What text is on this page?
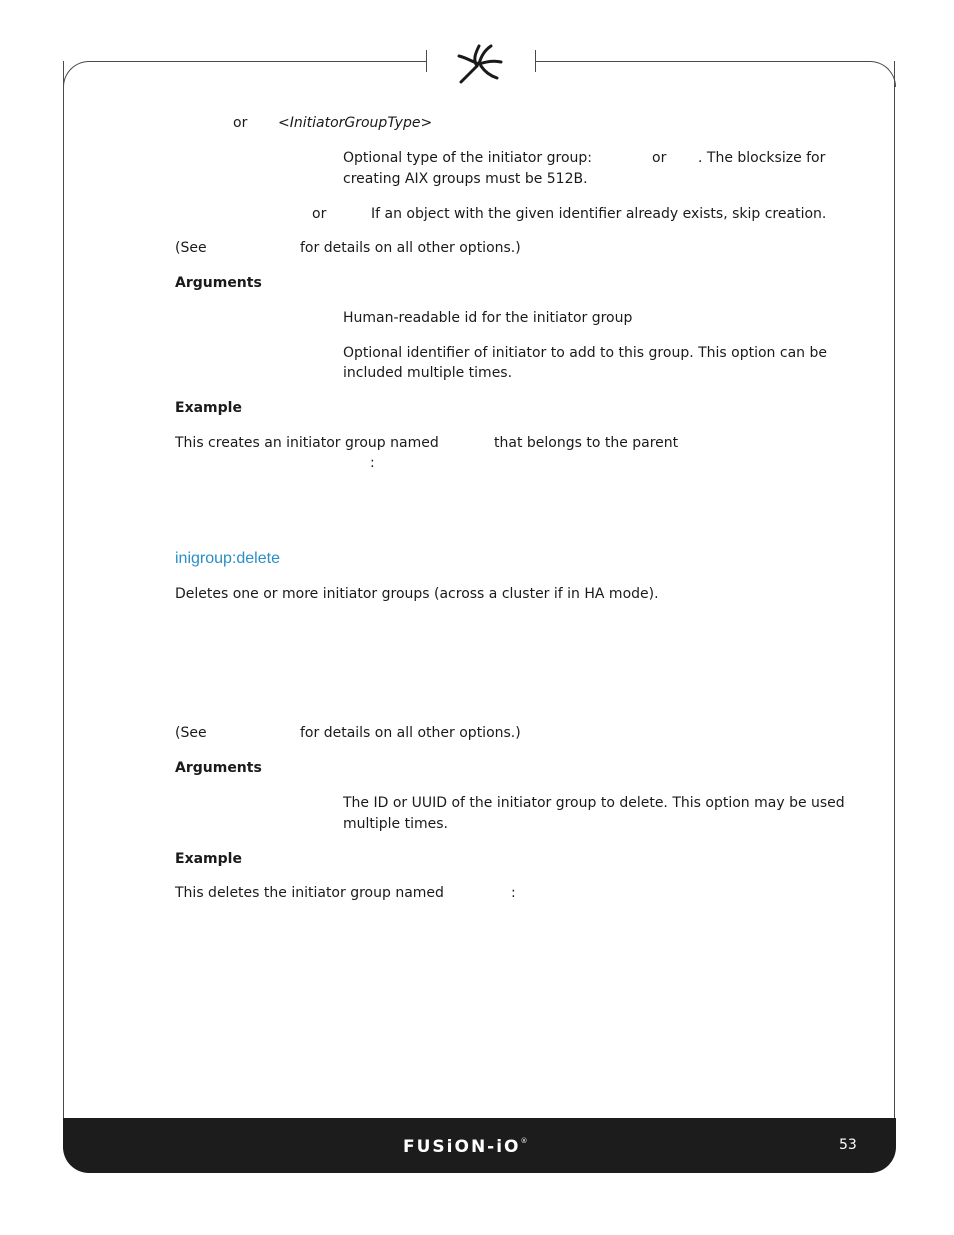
or <InitiatorGroupType>
Optional type of the initiator group:	or . The blocksize for
creating AIX groups must be 512B.
or	If an object with the given identifier already exists, skip creation.
(See	for details on all other options.)
Arguments
Human-readable id for the initiator group
Optional identifier of initiator to add to this group. This option can be
included multiple times.
Example
This creates an initiator group named	that belongs to the parent
:
inigroup:delete
Deletes one or more initiator groups (across a cluster if in HA mode).
(See	for details on all other options.)
Arguments
The ID or UUID of the initiator group to delete. This option may be used
multiple times.
Example
This deletes the initiator group named	:
FUSiON-iO®	53
